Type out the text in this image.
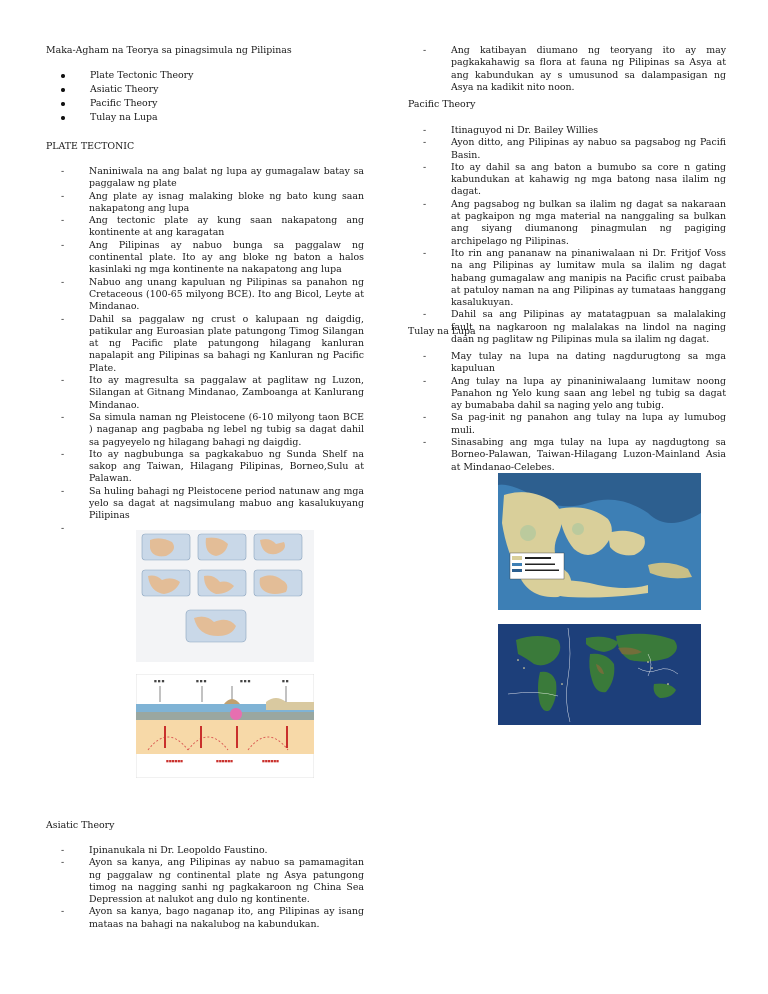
Maka-Agham na Teorya sa pinagsimula ng Pilipinas
Plate Tectonic Theory
Asiatic Theory
Pacific Theory
Tulay na Lupa
PLATE TECTONIC
- Naniniwala na ang balat ng lupa ay gumagalaw batay sa paggalaw ng plate
- Ang plate ay isnag malaking bloke ng bato kung saan nakapatong ang lupa
- Ang tectonic plate ay kung saan nakapatong ang kontinente at ang karagatan
- Ang Pilipinas ay nabuo bunga sa paggalaw ng continental plate. Ito ay ang bloke ng baton a halos kasinlaki ng mga kontinente na nakapatong ang lupa
- Nabuo ang unang kapuluan ng Pilipinas sa panahon ng Cretaceous (100-65 milyong BCE). Ito ang Bicol, Leyte at Mindanao.
- Dahil sa paggalaw ng crust o kalupaan ng daigdig, patikular ang Euroasian plate patungong Timog Silangan at ng Pacific plate patungong hilagang kanluran napalapit ang Pilipinas sa bahagi ng Kanluran ng Pacific Plate.
- Ito ay magresulta sa paggalaw at paglitaw ng Luzon, Silangan at Gitnang Mindanao, Zamboanga at Kanlurang Mindanao.
- Sa simula naman ng Pleistocene (6-10 milyong taon BCE ) naganap ang pagbaba ng lebel ng tubig sa dagat dahil sa pagyeyelo ng hilagang bahagi ng daigdig.
- Ito ay nagbubunga sa pagkakabuo ng Sunda Shelf na sakop ang Taiwan, Hilagang Pilipinas, Borneo,Sulu at Palawan.
- Sa huling bahagi ng Pleistocene period natunaw ang mga yelo sa dagat at nagsimulang mabuo ang kasalukuyang Pilipinas
-
Asiatic Theory
- Ipinanukala ni Dr. Leopoldo Faustino.
- Ayon sa kanya, ang Pilipinas ay nabuo sa pamamagitan ng paggalaw ng continental plate ng Asya patungong timog na nagging sanhi ng pagkakaroon ng China Sea Depression at nalukot ang dulo ng kontinente.
- Ayon sa kanya, bago naganap ito, ang Pilipinas ay isang mataas na bahagi na nakalubog na kabundukan.
■ ■ ■	■ ■ ■	■ ■ ■	■ ■
■■■■■■	■■■■■■	■■■■■■
- Ang katibayan diumano ng teoryang ito ay may pagkakahawig sa flora at fauna ng Pilipinas sa Asya at ang kabundukan ay s umusunod sa dalampasigan ng Asya na kadikit nito noon.
Pacific Theory
- Itinaguyod ni Dr. Bailey Willies
- Ayon ditto, ang Pilipinas ay nabuo sa pagsabog ng Pacifi Basin.
- Ito ay dahil sa ang baton a bumubo sa core n gating kabundukan at kahawig ng mga batong nasa ilalim ng dagat.
- Ang pagsabog ng bulkan sa ilalim ng dagat sa nakaraan at pagkaipon ng mga material na nanggaling sa bulkan ang siyang diumanong pinagmulan ng pagiging archipelago ng Pilipinas.
- Ito rin ang pananaw na pinaniwalaan ni Dr. Fritjof Voss na ang Pilipinas ay lumitaw mula sa ilalim ng dagat habang gumagalaw ang manipis na Pacific crust paibaba at patuloy naman na ang Pilipinas ay tumataas hanggang kasalukuyan.
- Dahil sa ang Pilipinas ay matatagpuan sa malalaking fault na nagkaroon ng malalakas na lindol na naging daan ng paglitaw ng Pilipinas mula sa ilalim ng dagat.
Tulay na Lupa
- May tulay na lupa na dating nagdurugtong sa mga kapuluan
- Ang tulay na lupa ay pinaniniwalaang lumitaw noong Panahon ng Yelo kung saan ang lebel ng tubig sa dagat ay bumababa dahil sa naging yelo ang tubig.
- Sa pag-init ng panahon ang tulay na lupa ay lumubog muli.
- Sinasabing ang mga tulay na lupa ay nagdugtong sa Borneo-Palawan, Taiwan-Hilagang Luzon-Mainland Asia at Mindanao-Celebes.
